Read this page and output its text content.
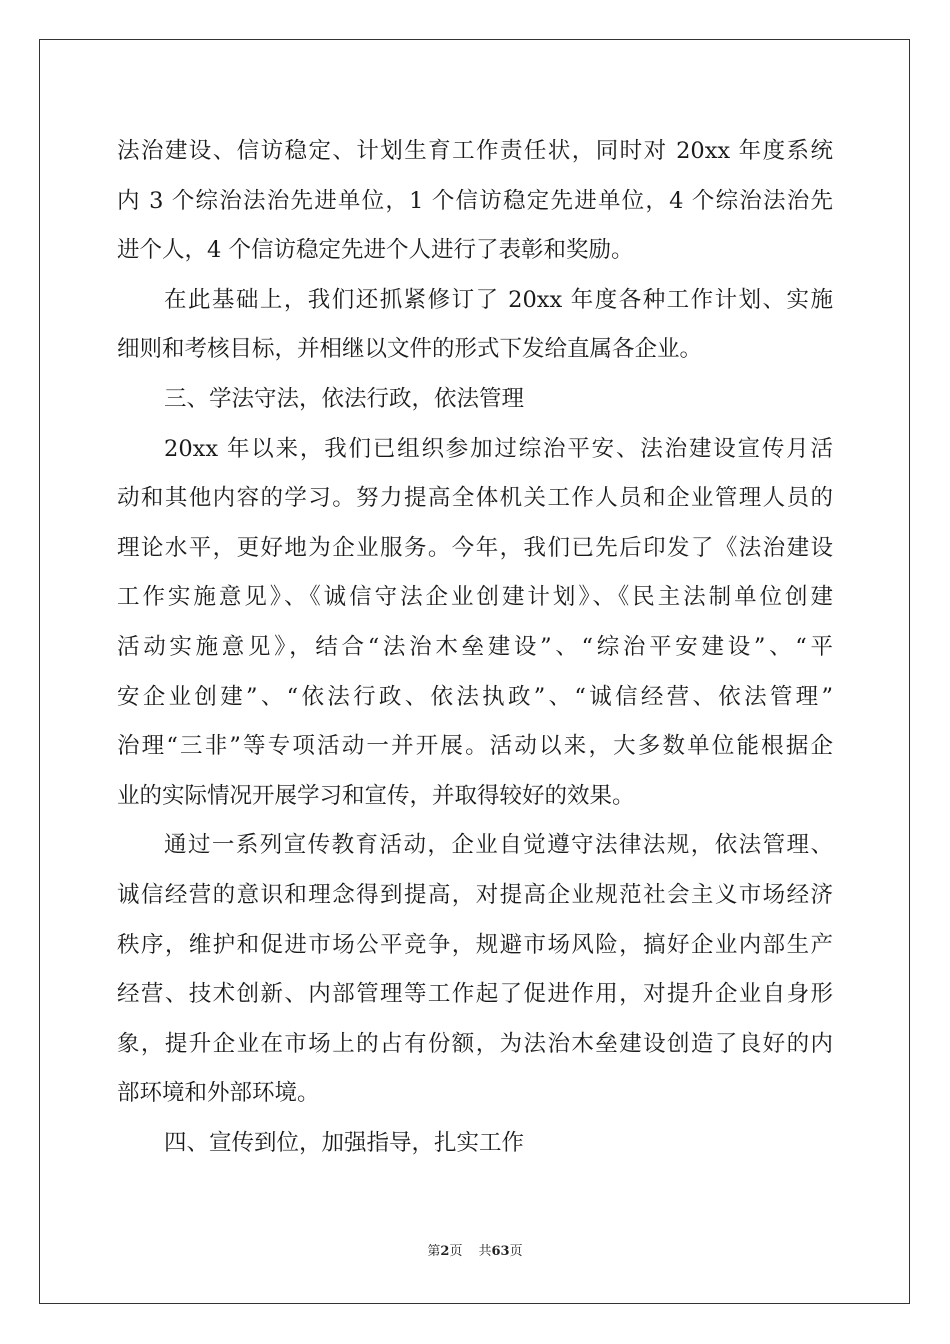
法治建设、信访稳定、计划生育工作责任状，同时对 20xx 年度系统
内 3 个综治法治先进单位，1 个信访稳定先进单位，4 个综治法治先
进个人，4 个信访稳定先进个人进行了表彰和奖励。
在此基础上，我们还抓紧修订了 20xx 年度各种工作计划、实施
细则和考核目标，并相继以文件的形式下发给直属各企业。
三、学法守法，依法行政，依法管理
20xx 年以来，我们已组织参加过综治平安、法治建设宣传月活
动和其他内容的学习。努力提高全体机关工作人员和企业管理人员的
理论水平，更好地为企业服务。今年，我们已先后印发了《法治建设
工作实施意见》、《诚信守法企业创建计划》、《民主法制单位创建
活动实施意见》，结合“法治木垒建设”、“综治平安建设”、“平
安企业创建”、“依法行政、依法执政”、“诚信经营、依法管理”
治理“三非”等专项活动一并开展。活动以来，大多数单位能根据企
业的实际情况开展学习和宣传，并取得较好的效果。
通过一系列宣传教育活动，企业自觉遵守法律法规，依法管理、
诚信经营的意识和理念得到提高，对提高企业规范社会主义市场经济
秩序，维护和促进市场公平竞争，规避市场风险，搞好企业内部生产
经营、技术创新、内部管理等工作起了促进作用，对提升企业自身形
象，提升企业在市场上的占有份额，为法治木垒建设创造了良好的内
部环境和外部环境。
四、宣传到位，加强指导，扎实工作
第2页 共63页
